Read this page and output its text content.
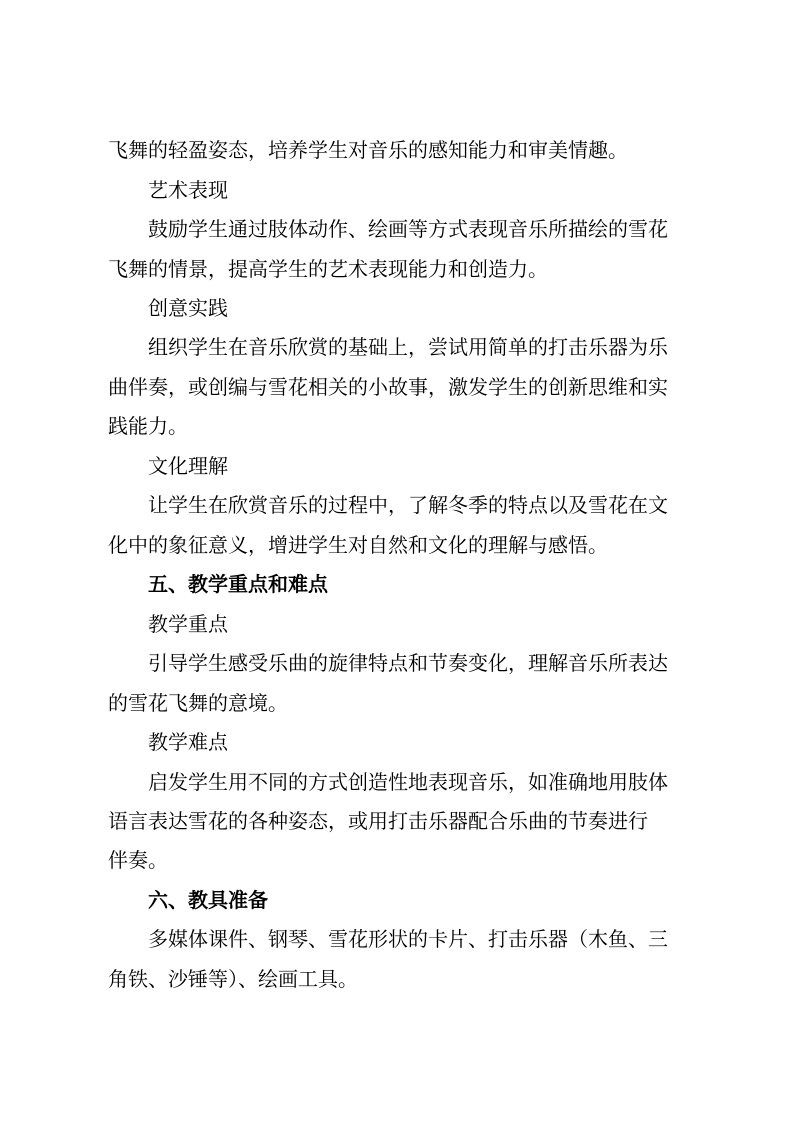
飞舞的轻盈姿态，培养学生对音乐的感知能力和审美情趣。
艺术表现
鼓励学生通过肢体动作、绘画等方式表现音乐所描绘的雪花
飞舞的情景，提高学生的艺术表现能力和创造力。
创意实践
组织学生在音乐欣赏的基础上，尝试用简单的打击乐器为乐
曲伴奏，或创编与雪花相关的小故事，激发学生的创新思维和实
践能力。
文化理解
让学生在欣赏音乐的过程中，了解冬季的特点以及雪花在文
化中的象征意义，增进学生对自然和文化的理解与感悟。
五、教学重点和难点
教学重点
引导学生感受乐曲的旋律特点和节奏变化，理解音乐所表达
的雪花飞舞的意境。
教学难点
启发学生用不同的方式创造性地表现音乐，如准确地用肢体
语言表达雪花的各种姿态，或用打击乐器配合乐曲的节奏进行
伴奏。
六、教具准备
多媒体课件、钢琴、雪花形状的卡片、打击乐器（木鱼、三
角铁、沙锤等）、绘画工具。
